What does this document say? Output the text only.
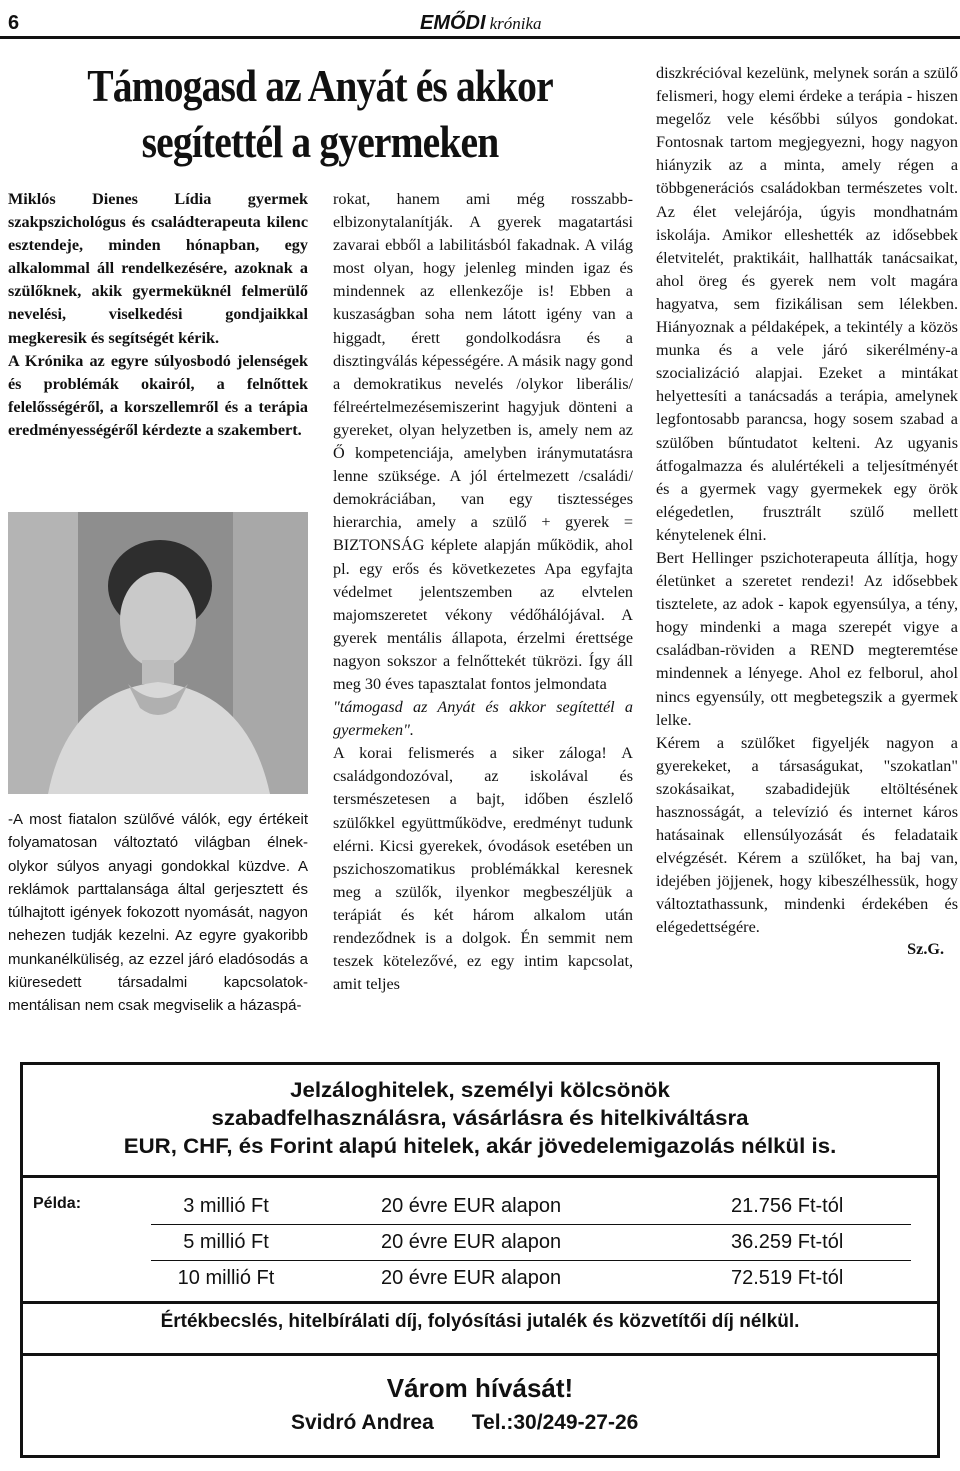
6	EMŐDI krónika
Támogasd az Anyát és akkor
segítettél a gyermeken

Miklós Dienes Lídia gyermek szakpszichológus és családterapeuta kilenc esztendeje, minden hónapban, egy alkalommal áll rendelkezésére, azoknak a szülőknek, akik gyermeküknél felmerülő nevelési, viselkedési gondjaikkal megkeresik és segítségét kérik.

A Krónika az egyre súlyosbodó jelenségek és problémák okairól, a felnőttek felelősségéről, a korszellemről és a terápia eredményességéről kérdezte a szakembert.

-A most fiatalon szülővé válók, egy értékeit folyamatosan változtató világban élnek-olykor súlyos anyagi gondokkal küzdve. A reklámok parttalansága által gerjesztett és túlhajtott igények fokozott nyomását, nagyon nehezen tudják kezelni. Az egyre gyakoribb munkanélküliség, az ezzel járó eladósodás a kiüresedett társadalmi kapcsolatok-mentálisan nem csak megviselik a házaspá-

rokat, hanem ami még rosszabb- elbizonytalanítják. A gyerek magatartási zavarai ebből a labilitásból fakadnak. A világ most olyan, hogy jelenleg minden igaz és mindennek az ellenkezője is! Ebben a kuszaságban soha nem látott igény van a higgadt, érett gondolkodásra és a disztingválás képességére. A másik nagy gond a demokratikus nevelés /olykor liberális/ félreértelmezésemiszerint hagyjuk dönteni a gyereket, olyan helyzetben is, amely nem az Ő kompetenciája, amelyben iránymutatásra lenne szüksége. A jól értelmezett /családi/ demokráciában, van egy tisztességes hierarchia, amely a szülő + gyerek = BIZTONSÁG képlete alapján működik, ahol pl. egy erős és következetes Apa egyfajta védelmet jelentszemben az elvtelen majomszeretet vékony védőhálójával. A gyerek mentális állapota, érzelmi érettsége nagyon sokszor a felnőttekét tükrözi. Így áll meg 30 éves tapasztalat fontos jelmondata

"támogasd az Anyát és akkor segítettél a gyermeken".

A korai felismerés a siker záloga! A családgondozóval, az iskolával és tersmészetesen a bajt, időben észlelő szülőkkel együttműködve, eredményt tudunk elérni. Kicsi gyerekek, óvodások esetében un pszichoszomatikus problémákkal keresnek meg a szülők, ilyenkor megbeszéljük a terápiát és két három alkalom után rendeződnek is a dolgok. Én semmit nem teszek kötelezővé, ez egy intim kapcsolat, amit teljes

diszkrécióval kezelünk, melynek során a szülő felismeri, hogy elemi érdeke a terápia - hiszen megelőz vele későbbi súlyos gondokat. Fontosnak tartom megjegyezni, hogy nagyon hiányzik az a minta, amely régen a többgenerációs családokban természetes volt. Az élet velejárója, úgyis mondhatnám iskolája. Amikor elleshették az idősebbek életvitelét, praktikáit, hallhatták tanácsaikat, ahol öreg és gyerek nem volt magára hagyatva, sem fizikálisan sem lélekben. Hiányoznak a példaképek, a tekintély a közös munka és a vele járó sikerélmény-a szocializáció alapjai. Ezeket a mintákat helyettesíti a tanácsadás a terápia, amelynek legfontosabb parancsa, hogy sosem szabad a szülőben bűntudatot kelteni. Az ugyanis átfogalmazza és alulértékeli a teljesítményét és a gyermek vagy gyermekek egy örök elégedetlen, frusztrált szülő mellett kénytelenek élni.

Bert Hellinger pszichoterapeuta állítja, hogy életünket a szeretet rendezi! Az idősebbek tisztelete, az adok - kapok egyensúlya, a tény, hogy mindenki a maga szerepét vigye a családban-röviden a REND megteremtése mindennek a lényege. Ahol ez felborul, ahol nincs egyensúly, ott megbetegszik a gyermek lelke.

Kérem a szülőket figyeljék nagyon a gyerekeket, a társaságukat, "szokatlan" szokásaikat, szabadidejük eltöltésének hasznosságát, a televízió és internet káros hatásainak ellensúlyozását és feladataik elvégzését. Kérem a szülőket, ha baj van, idejében jöjjenek, hogy kibeszélhessük, hogy változtathassunk, mindenki érdekében és elégedettségére.

Sz.G.
Jelzáloghitelek, személyi kölcsönök
szabadfelhasználásra, vásárlásra és hitelkiváltásra
EUR, CHF, és Forint alapú hitelek, akár jövedelemigazolás nélkül is.
Példa:	3 millió Ft	20 évre EUR alapon	21.756 Ft-tól
5 millió Ft	20 évre EUR alapon	36.259 Ft-tól
10 millió Ft	20 évre EUR alapon	72.519 Ft-tól
Értékbecslés, hitelbírálati díj, folyósítási jutalék és közvetítői díj nélkül.
Várom hívását!
Svidró Andrea Tel.:30/249-27-26
